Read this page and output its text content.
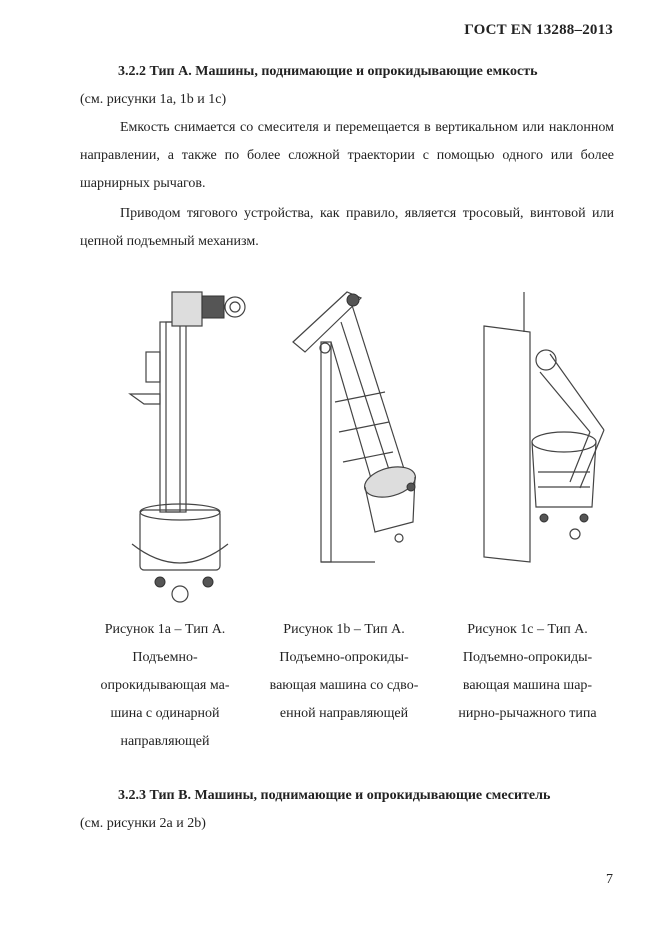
ГОСТ EN 13288–2013

3.2.2 Тип А. Машины, поднимающие и опрокидывающие емкость

(см. рисунки 1a, 1b и 1c)

Емкость снимается со смесителя и перемещается в вертикальном или наклонном направлении, а также по более сложной траектории с помощью одного или более шарнирных рычагов.

Приводом тягового устройства, как правило, является тросовый, винтовой или цепной подъемный механизм.

Рисунок 1a – Тип А.
Подъемно-
опрокидывающая ма-
шина с одинарной
направляющей
Рисунок 1b – Тип А.
Подъемно-опрокиды-
вающая машина со сдво-
енной направляющей
Рисунок 1c – Тип А.
Подъемно-опрокиды-
вающая машина шар-
нирно-рычажного типа

3.2.3 Тип В. Машины, поднимающие и опрокидывающие смеситель

(см. рисунки 2a и 2b)

7
